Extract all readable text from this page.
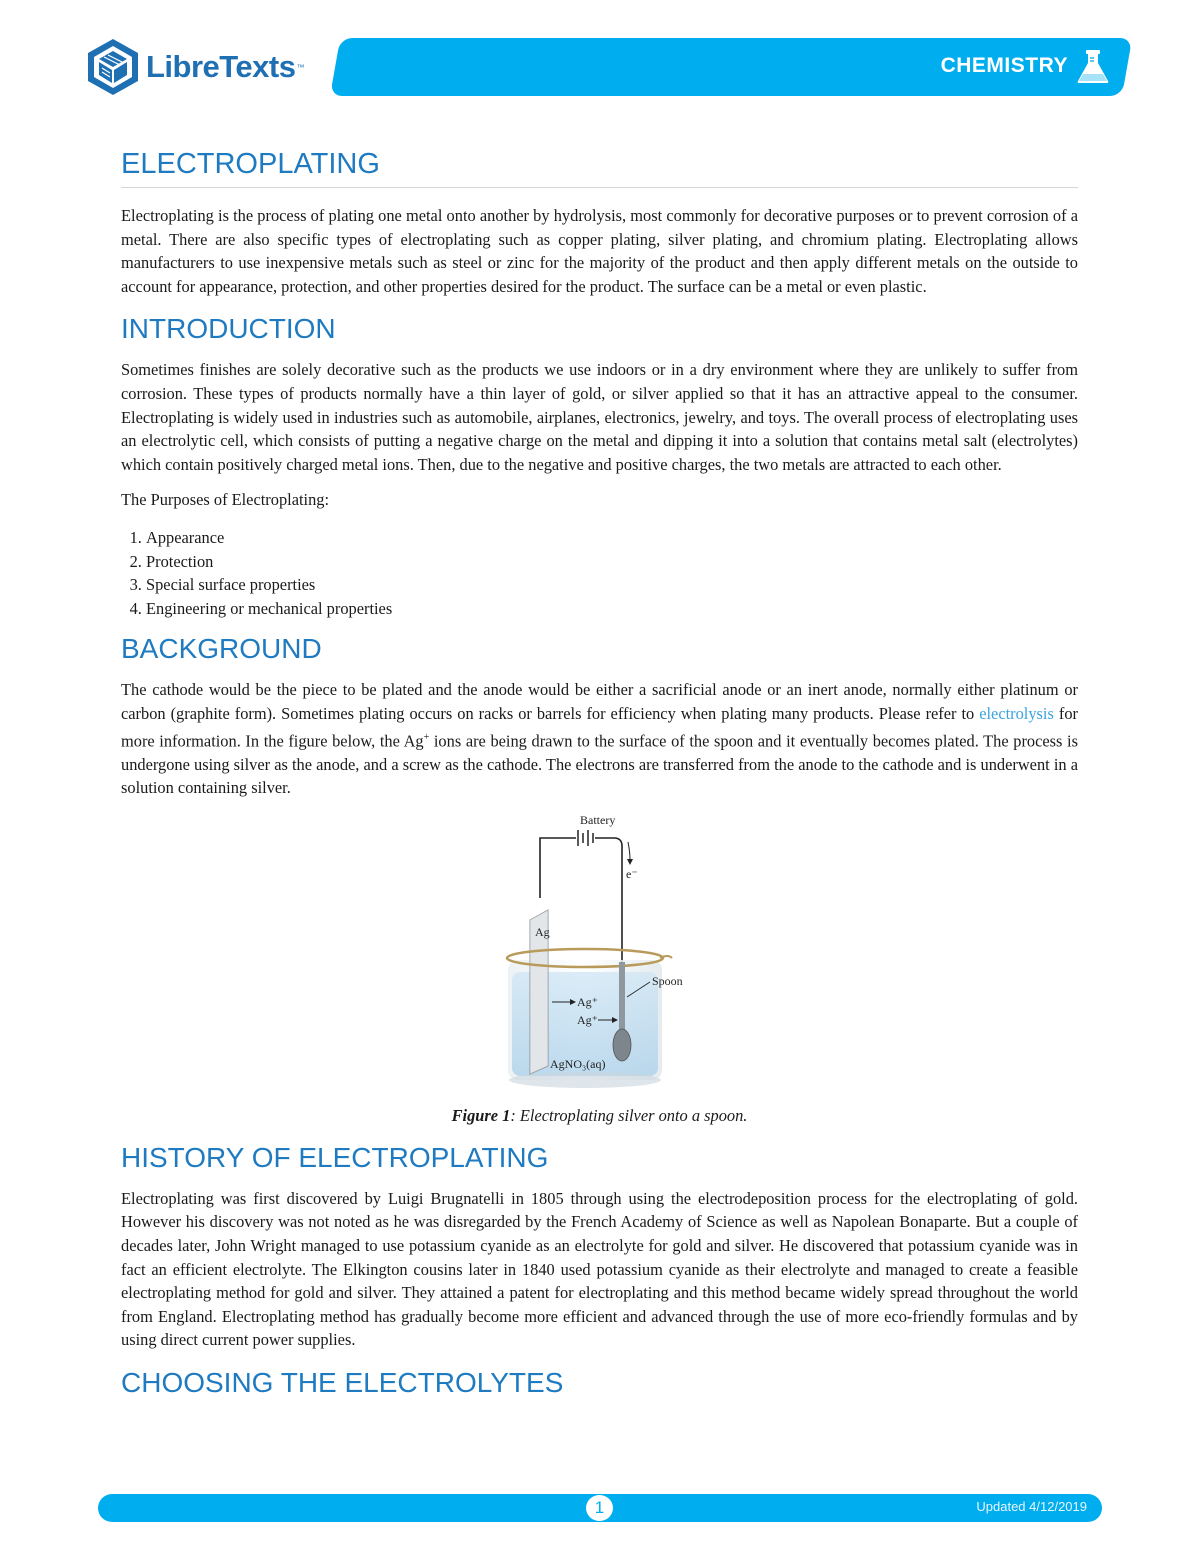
LibreTexts ™	CHEMISTRY
ELECTROPLATING

Electroplating is the process of plating one metal onto another by hydrolysis, most commonly for decorative purposes or to prevent corrosion of a metal. There are also specific types of electroplating such as copper plating, silver plating, and chromium plating. Electroplating allows manufacturers to use inexpensive metals such as steel or zinc for the majority of the product and then apply different metals on the outside to account for appearance, protection, and other properties desired for the product. The surface can be a metal or even plastic.

INTRODUCTION

Sometimes finishes are solely decorative such as the products we use indoors or in a dry environment where they are unlikely to suffer from corrosion. These types of products normally have a thin layer of gold, or silver applied so that it has an attractive appeal to the consumer. Electroplating is widely used in industries such as automobile, airplanes, electronics, jewelry, and toys. The overall process of electroplating uses an electrolytic cell, which consists of putting a negative charge on the metal and dipping it into a solution that contains metal salt (electrolytes) which contain positively charged metal ions. Then, due to the negative and positive charges, the two metals are attracted to each other.

The Purposes of Electroplating:

1. Appearance
2. Protection
3. Special surface properties
4. Engineering or mechanical properties
BACKGROUND

The cathode would be the piece to be plated and the anode would be either a sacrificial anode or an inert anode, normally either platinum or carbon (graphite form). Sometimes plating occurs on racks or barrels for efficiency when plating many products. Please refer to electrolysis for more information. In the figure below, the Ag+ ions are being drawn to the surface of the spoon and it eventually becomes plated. The process is undergone using silver as the anode, and a screw as the cathode. The electrons are transferred from the anode to the cathode and is underwent in a solution containing silver.

Battery
e⁻
Ag
Spoon
Ag⁺
Ag⁺
AgNO₃(aq)
Figure 1: Electroplating silver onto a spoon.
HISTORY OF ELECTROPLATING

Electroplating was first discovered by Luigi Brugnatelli in 1805 through using the electrodeposition process for the electroplating of gold. However his discovery was not noted as he was disregarded by the French Academy of Science as well as Napolean Bonaparte. But a couple of decades later, John Wright managed to use potassium cyanide as an electrolyte for gold and silver. He discovered that potassium cyanide was in fact an efficient electrolyte. The Elkington cousins later in 1840 used potassium cyanide as their electrolyte and managed to create a feasible electroplating method for gold and silver. They attained a patent for electroplating and this method became widely spread throughout the world from England. Electroplating method has gradually become more efficient and advanced through the use of more eco-friendly formulas and by using direct current power supplies.

CHOOSING THE ELECTROLYTES
1	Updated 4/12/2019
